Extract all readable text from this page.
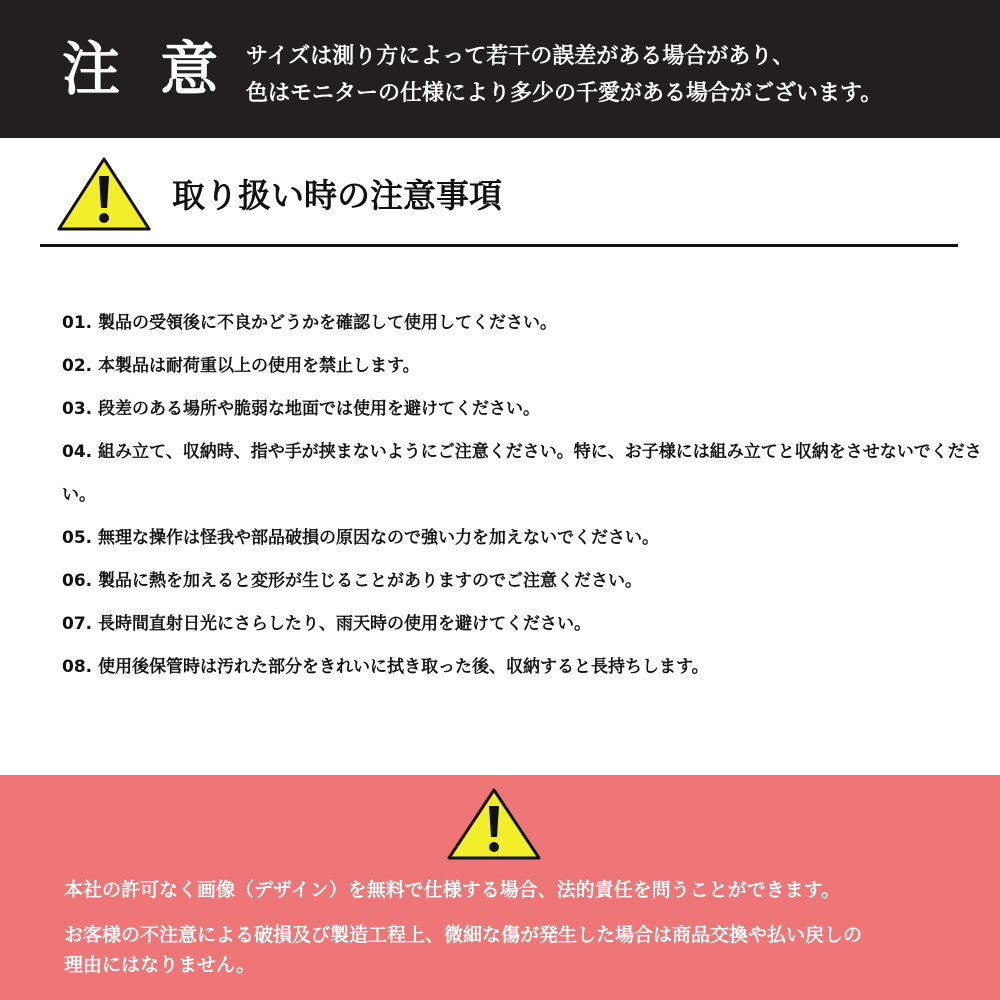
注 意 サイズは測り方によって若干の誤差がある場合があり、
色はモニターの仕様により多少の千愛がある場合がございます。
取り扱い時の注意事項
01. 製品の受領後に不良かどうかを確認して使用してください。
02. 本製品は耐荷重以上の使用を禁止します。
03. 段差のある場所や脆弱な地面では使用を避けてください。
04. 組み立て、収納時、指や手が挟まないようにご注意ください。特に、お子様には組み立てと収納をさせないでください。
05. 無理な操作は怪我や部品破損の原因なので強い力を加えないでください。
06. 製品に熱を加えると変形が生じることがありますのでご注意ください。
07. 長時間直射日光にさらしたり、雨天時の使用を避けてください。
08. 使用後保管時は汚れた部分をきれいに拭き取った後、収納すると長持ちします。
本社の許可なく画像（デザイン）を無料で仕様する場合、法的責任を問うことができます。
お客様の不注意による破損及び製造工程上、微細な傷が発生した場合は商品交換や払い戻しの
理由にはなりません。
